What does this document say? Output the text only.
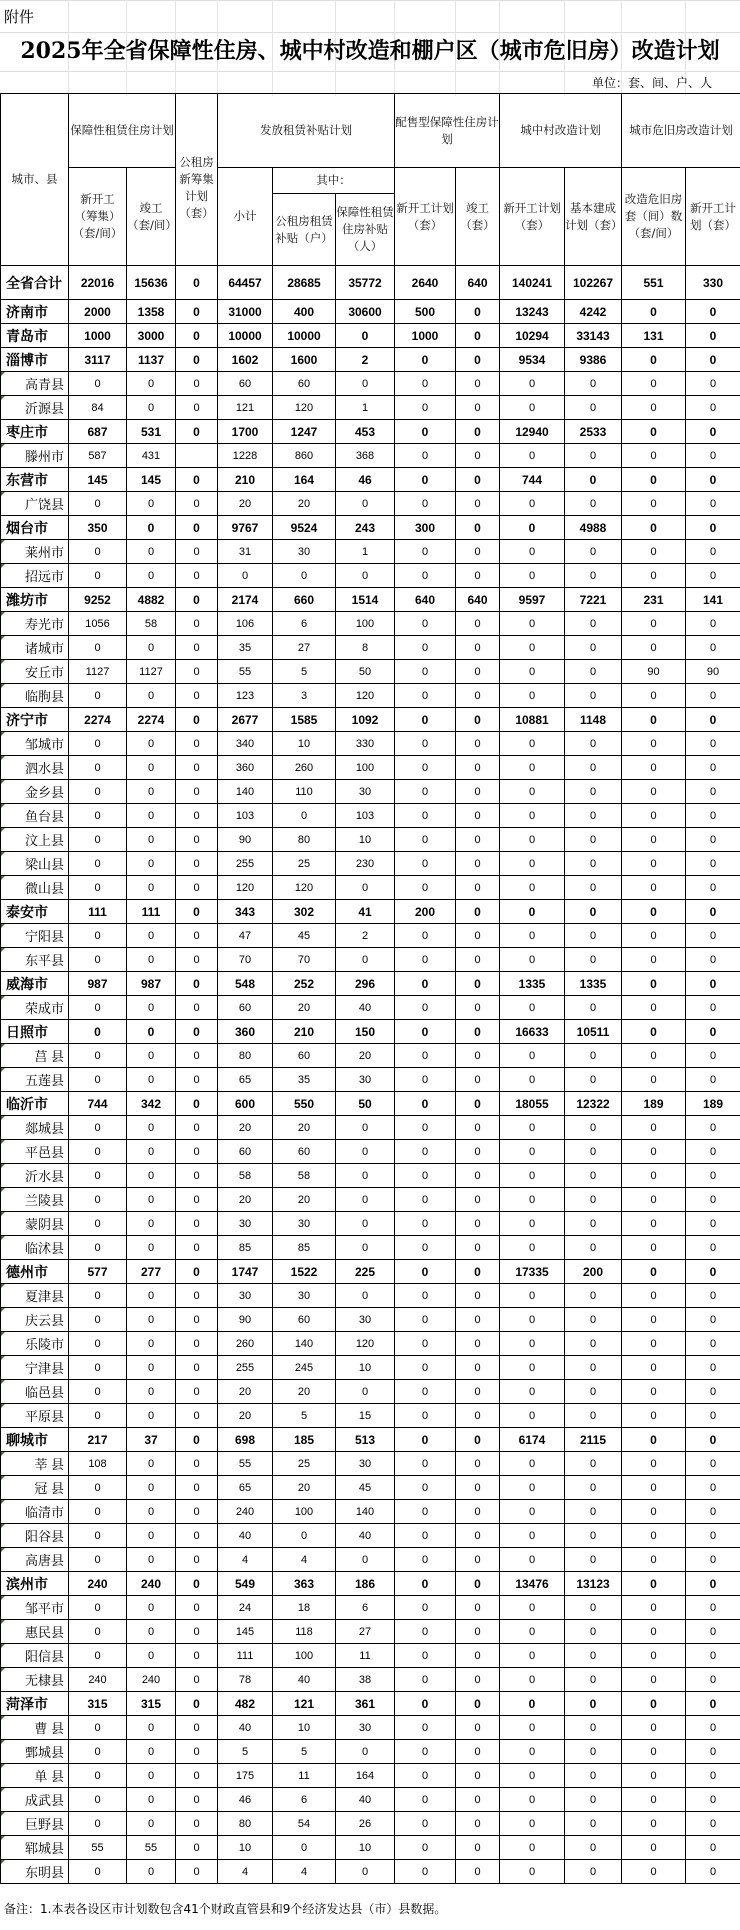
附件
2025年全省保障性住房、城中村改造和棚户区（城市危旧房）改造计划
单位：套、间、户、人
城市、县	保障性租赁住房计划		公租房新筹集计划（套）	发放租赁补贴计划			配售型保障性住房计划		城中村改造计划		城市危旧房改造计划	
	新开工（筹集）（套/间）	竣工（套/间）		小计	其中：		新开工计划（套）	竣工（套）	新开工计划（套）	基本建成计划（套）	改造危旧房套（间）数（套/间）	新开工计划（套）
					公租房租赁补贴（户）	保障性租赁住房补贴（人）						
全省合计	22016	15636	0	64457	28685	35772	2640	640	140241	102267	551	330
济南市	2000	1358	0	31000	400	30600	500	0	13243	4242	0	0
青岛市	1000	3000	0	10000	10000	0	1000	0	10294	33143	131	0
淄博市	3117	1137	0	1602	1600	2	0	0	9534	9386	0	0
高青县	0	0	0	60	60	0	0	0	0	0	0	0
沂源县	84	0	0	121	120	1	0	0	0	0	0	0
枣庄市	687	531	0	1700	1247	453	0	0	12940	2533	0	0
滕州市	587	431		1228	860	368	0	0	0	0	0	0
东营市	145	145	0	210	164	46	0	0	744	0	0	0
广饶县	0	0	0	20	20	0	0	0	0	0	0	0
烟台市	350	0	0	9767	9524	243	300	0	0	4988	0	0
莱州市	0	0	0	31	30	1	0	0	0	0	0	0
招远市	0	0	0	0	0	0	0	0	0	0	0	0
潍坊市	9252	4882	0	2174	660	1514	640	640	9597	7221	231	141
寿光市	1056	58	0	106	6	100	0	0	0	0	0	0
诸城市	0	0	0	35	27	8	0	0	0	0	0	0
安丘市	1127	1127	0	55	5	50	0	0	0	0	90	90
临朐县	0	0	0	123	3	120	0	0	0	0	0	0
济宁市	2274	2274	0	2677	1585	1092	0	0	10881	1148	0	0
邹城市	0	0	0	340	10	330	0	0	0	0	0	0
泗水县	0	0	0	360	260	100	0	0	0	0	0	0
金乡县	0	0	0	140	110	30	0	0	0	0	0	0
鱼台县	0	0	0	103	0	103	0	0	0	0	0	0
汶上县	0	0	0	90	80	10	0	0	0	0	0	0
梁山县	0	0	0	255	25	230	0	0	0	0	0	0
微山县	0	0	0	120	120	0	0	0	0	0	0	0
泰安市	111	111	0	343	302	41	200	0	0	0	0	0
宁阳县	0	0	0	47	45	2	0	0	0	0	0	0
东平县	0	0	0	70	70	0	0	0	0	0	0	0
威海市	987	987	0	548	252	296	0	0	1335	1335	0	0
荣成市	0	0	0	60	20	40	0	0	0	0	0	0
日照市	0	0	0	360	210	150	0	0	16633	10511	0	0
莒 县	0	0	0	80	60	20	0	0	0	0	0	0
五莲县	0	0	0	65	35	30	0	0	0	0	0	0
临沂市	744	342	0	600	550	50	0	0	18055	12322	189	189
郯城县	0	0	0	20	20	0	0	0	0	0	0	0
平邑县	0	0	0	60	60	0	0	0	0	0	0	0
沂水县	0	0	0	58	58	0	0	0	0	0	0	0
兰陵县	0	0	0	20	20	0	0	0	0	0	0	0
蒙阴县	0	0	0	30	30	0	0	0	0	0	0	0
临沭县	0	0	0	85	85	0	0	0	0	0	0	0
德州市	577	277	0	1747	1522	225	0	0	17335	200	0	0
夏津县	0	0	0	30	30	0	0	0	0	0	0	0
庆云县	0	0	0	90	60	30	0	0	0	0	0	0
乐陵市	0	0	0	260	140	120	0	0	0	0	0	0
宁津县	0	0	0	255	245	10	0	0	0	0	0	0
临邑县	0	0	0	20	20	0	0	0	0	0	0	0
平原县	0	0	0	20	5	15	0	0	0	0	0	0
聊城市	217	37	0	698	185	513	0	0	6174	2115	0	0
莘 县	108	0	0	55	25	30	0	0	0	0	0	0
冠 县	0	0	0	65	20	45	0	0	0	0	0	0
临清市	0	0	0	240	100	140	0	0	0	0	0	0
阳谷县	0	0	0	40	0	40	0	0	0	0	0	0
高唐县	0	0	0	4	4	0	0	0	0	0	0	0
滨州市	240	240	0	549	363	186	0	0	13476	13123	0	0
邹平市	0	0	0	24	18	6	0	0	0	0	0	0
惠民县	0	0	0	145	118	27	0	0	0	0	0	0
阳信县	0	0	0	111	100	11	0	0	0	0	0	0
无棣县	240	240	0	78	40	38	0	0	0	0	0	0
菏泽市	315	315	0	482	121	361	0	0	0	0	0	0
曹 县	0	0	0	40	10	30	0	0	0	0	0	0
鄄城县	0	0	0	5	5	0	0	0	0	0	0	0
单 县	0	0	0	175	11	164	0	0	0	0	0	0
成武县	0	0	0	46	6	40	0	0	0	0	0	0
巨野县	0	0	0	80	54	26	0	0	0	0	0	0
郓城县	55	55	0	10	0	10	0	0	0	0	0	0
东明县	0	0	0	4	4	0	0	0	0	0	0	0
备注：1.本表各设区市计划数包含41个财政直管县和9个经济发达县（市）县数据。
